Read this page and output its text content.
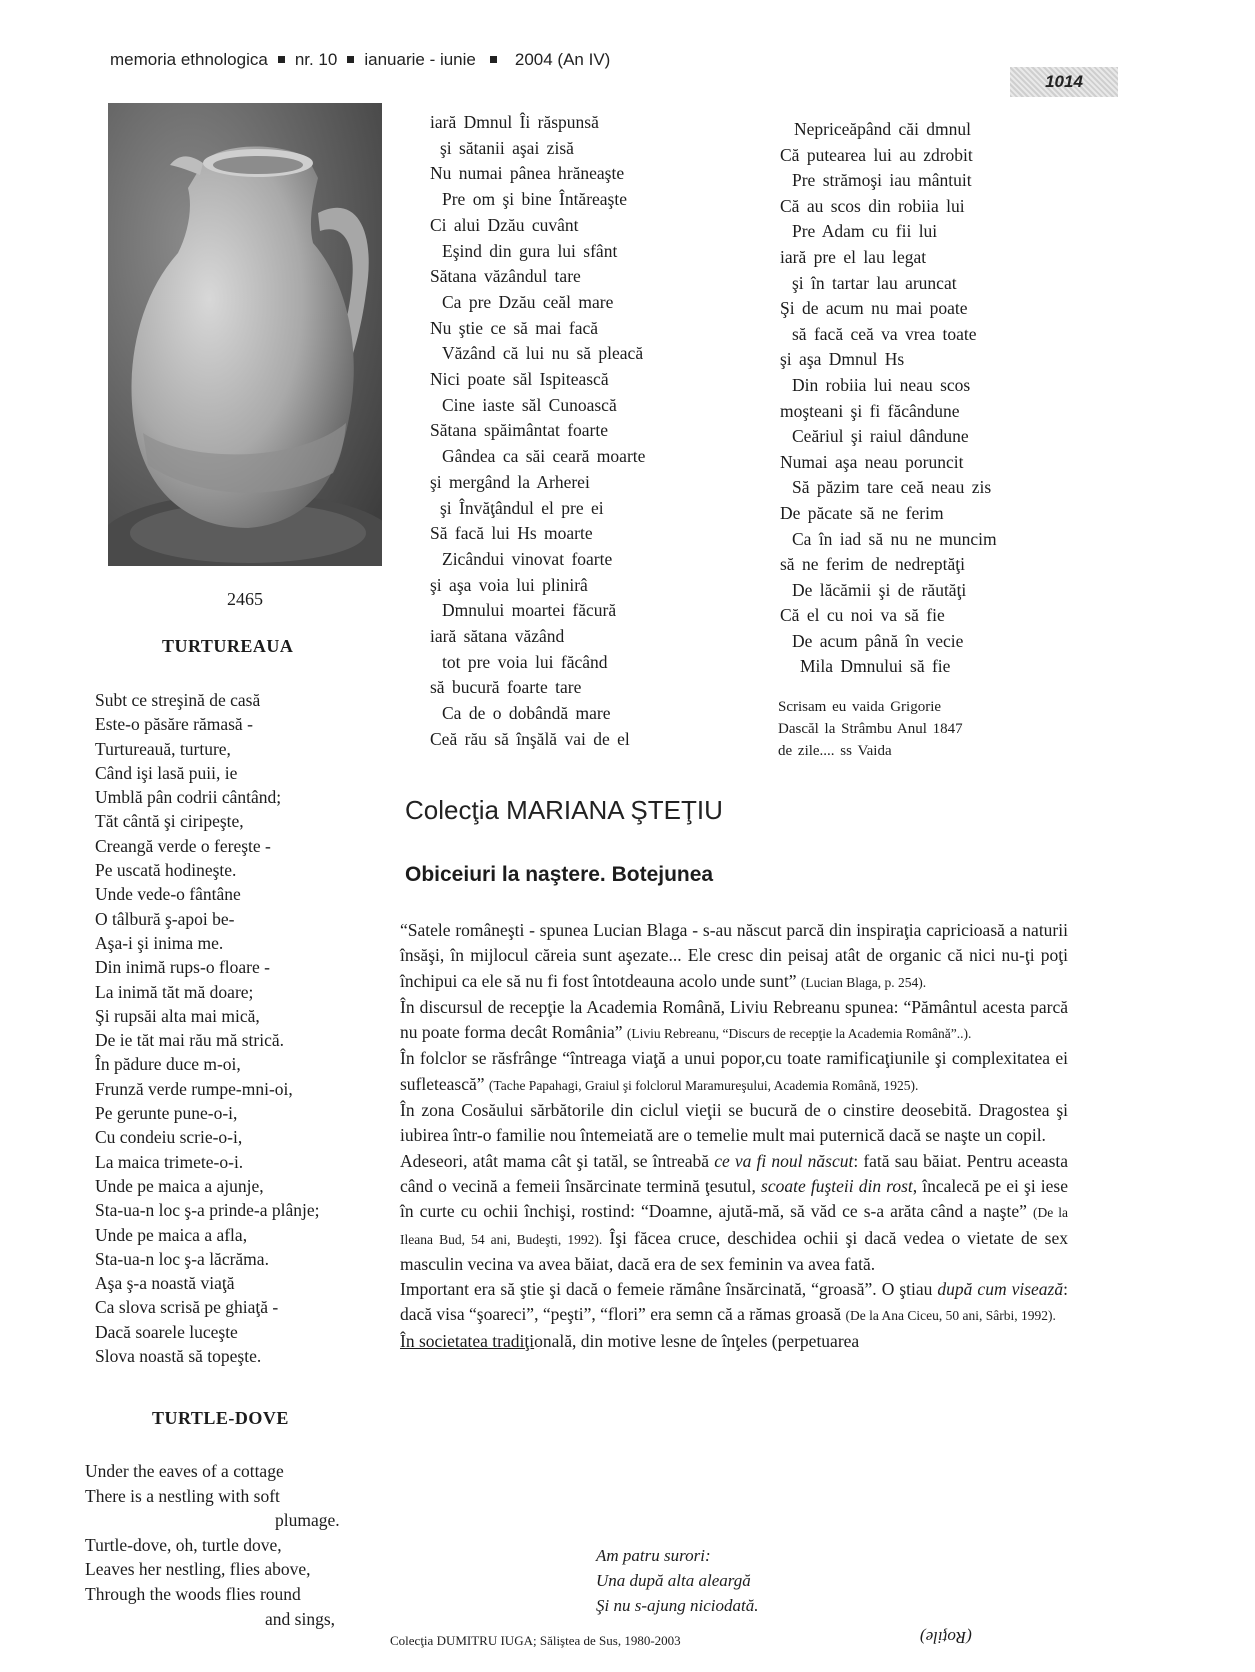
memoria ethnologica nr. 10 ianuarie - iunie 2004 (An IV)
1014
2465
TURTUREAUA
Subt ce streşină de casă
Este-o păsăre rămasă -
Turtureauă, turture,
Când işi lasă puii, ie
Umblă pân codrii cântând;
Tăt cântă şi ciripeşte,
Creangă verde o fereşte -
Pe uscată hodineşte.
Unde vede-o fântâne
O tâlbură ş-apoi be-
Aşa-i şi inima me.
Din inimă rups-o floare -
La inimă tăt mă doare;
Şi rupsăi alta mai mică,
De ie tăt mai rău mă strică.
În pădure duce m-oi,
Frunză verde rumpe-mni-oi,
Pe gerunte pune-o-i,
Cu condeiu scrie-o-i,
La maica trimete-o-i.
Unde pe maica a ajunje,
Sta-ua-n loc ş-a prinde-a plânje;
Unde pe maica a afla,
Sta-ua-n loc ş-a lăcrăma.
Aşa ş-a noastă viaţă
Ca slova scrisă pe ghiaţă -
Dacă soarele luceşte
Slova noastă să topeşte.
TURTLE-DOVE
Under the eaves of a cottage
There is a nestling with soft
plumage.
Turtle-dove, oh, turtle dove,
Leaves her nestling, flies above,
Through the woods flies round
and sings,
iară Dmnul Îi răspunsă
şi sătanii aşai zisă
Nu numai pânea hrăneaşte
Pre om şi bine Întăreaşte
Ci alui Dzău cuvânt
Eşind din gura lui sfânt
Sătana văzândul tare
Ca pre Dzău ceăl mare
Nu ştie ce să mai facă
Văzând că lui nu să pleacă
Nici poate săl Ispitească
Cine iaste săl Cunoască
Sătana spăimântat foarte
Gândea ca săi ceară moarte
şi mergând la Arherei
şi Învăţândul el pre ei
Să facă lui Hs moarte
Zicândui vinovat foarte
şi aşa voia lui plinirâ
Dmnului moartei făcură
iară sătana văzând
tot pre voia lui făcând
să bucură foarte tare
Ca de o dobândă mare
Ceă rău să înşălă vai de el
Nepriceăpând căi dmnul
Că putearea lui au zdrobit
Pre strămoşi iau mântuit
Că au scos din robiia lui
Pre Adam cu fii lui
iară pre el lau legat
şi în tartar lau aruncat
Şi de acum nu mai poate
să facă ceă va vrea toate
şi aşa Dmnul Hs
Din robiia lui neau scos
moşteani şi fi făcândune
Ceăriul şi raiul dândune
Numai aşa neau poruncit
Să păzim tare ceă neau zis
De păcate să ne ferim
Ca în iad să nu ne muncim
să ne ferim de nedreptăţi
De lăcămii şi de răutăţi
Că el cu noi va să fie
De acum până în vecie
Mila Dmnului să fie
Scrisam eu vaida Grigorie
Dascăl la Strâmbu Anul 1847
de zile.... ss Vaida
Colecţia MARIANA ŞTEŢIU
Obiceiuri la naştere. Botejunea

“Satele româneşti - spunea Lucian Blaga - s-au născut parcă din inspiraţia capricioasă a naturii însăşi, în mijlocul căreia sunt aşezate... Ele cresc din peisaj atât de organic că nici nu-ţi poţi închipui ca ele să nu fi fost întotdeauna acolo unde sunt” (Lucian Blaga, p. 254).

În discursul de recepţie la Academia Română, Liviu Rebreanu spunea: “Pământul acesta parcă nu poate forma decât România” (Liviu Rebreanu, “Discurs de recepţie la Academia Română”..).

În folclor se răsfrânge “întreaga viaţă a unui popor,cu toate ramificaţiunile şi complexitatea ei sufletească” (Tache Papahagi, Graiul şi folclorul Maramureşului, Academia Română, 1925).

În zona Cosăului sărbătorile din ciclul vieţii se bucură de o cinstire deosebită. Dragostea şi iubirea într-o familie nou întemeiată are o temelie mult mai puternică dacă se naşte un copil.

Adeseori, atât mama cât şi tatăl, se întreabă ce va fi noul născut: fată sau băiat. Pentru aceasta când o vecină a femeii însărcinate termină ţesutul, scoate fuşteii din rost, încalecă pe ei şi iese în curte cu ochii închişi, rostind: “Doamne, ajută-mă, să văd ce s-a arăta când a naşte” (De la Ileana Bud, 54 ani, Budeşti, 1992). Îşi făcea cruce, deschidea ochii şi dacă vedea o vietate de sex masculin vecina va avea băiat, dacă era de sex feminin va avea fată.

Important era să ştie şi dacă o femeie rămâne însărcinată, “groasă”. O ştiau după cum visează: dacă visa “şoareci”, “peşti”, “flori” era semn că a rămas groasă (De la Ana Ciceu, 50 ani, Sârbi, 1992).

În societatea tradiţională, din motive lesne de înţeles (perpetuarea

Am patru surori:
Una după alta aleargă
Şi nu s-ajung niciodată.
Colecţia DUMITRU IUGA; Săliştea de Sus, 1980-2003	(Roţile)
